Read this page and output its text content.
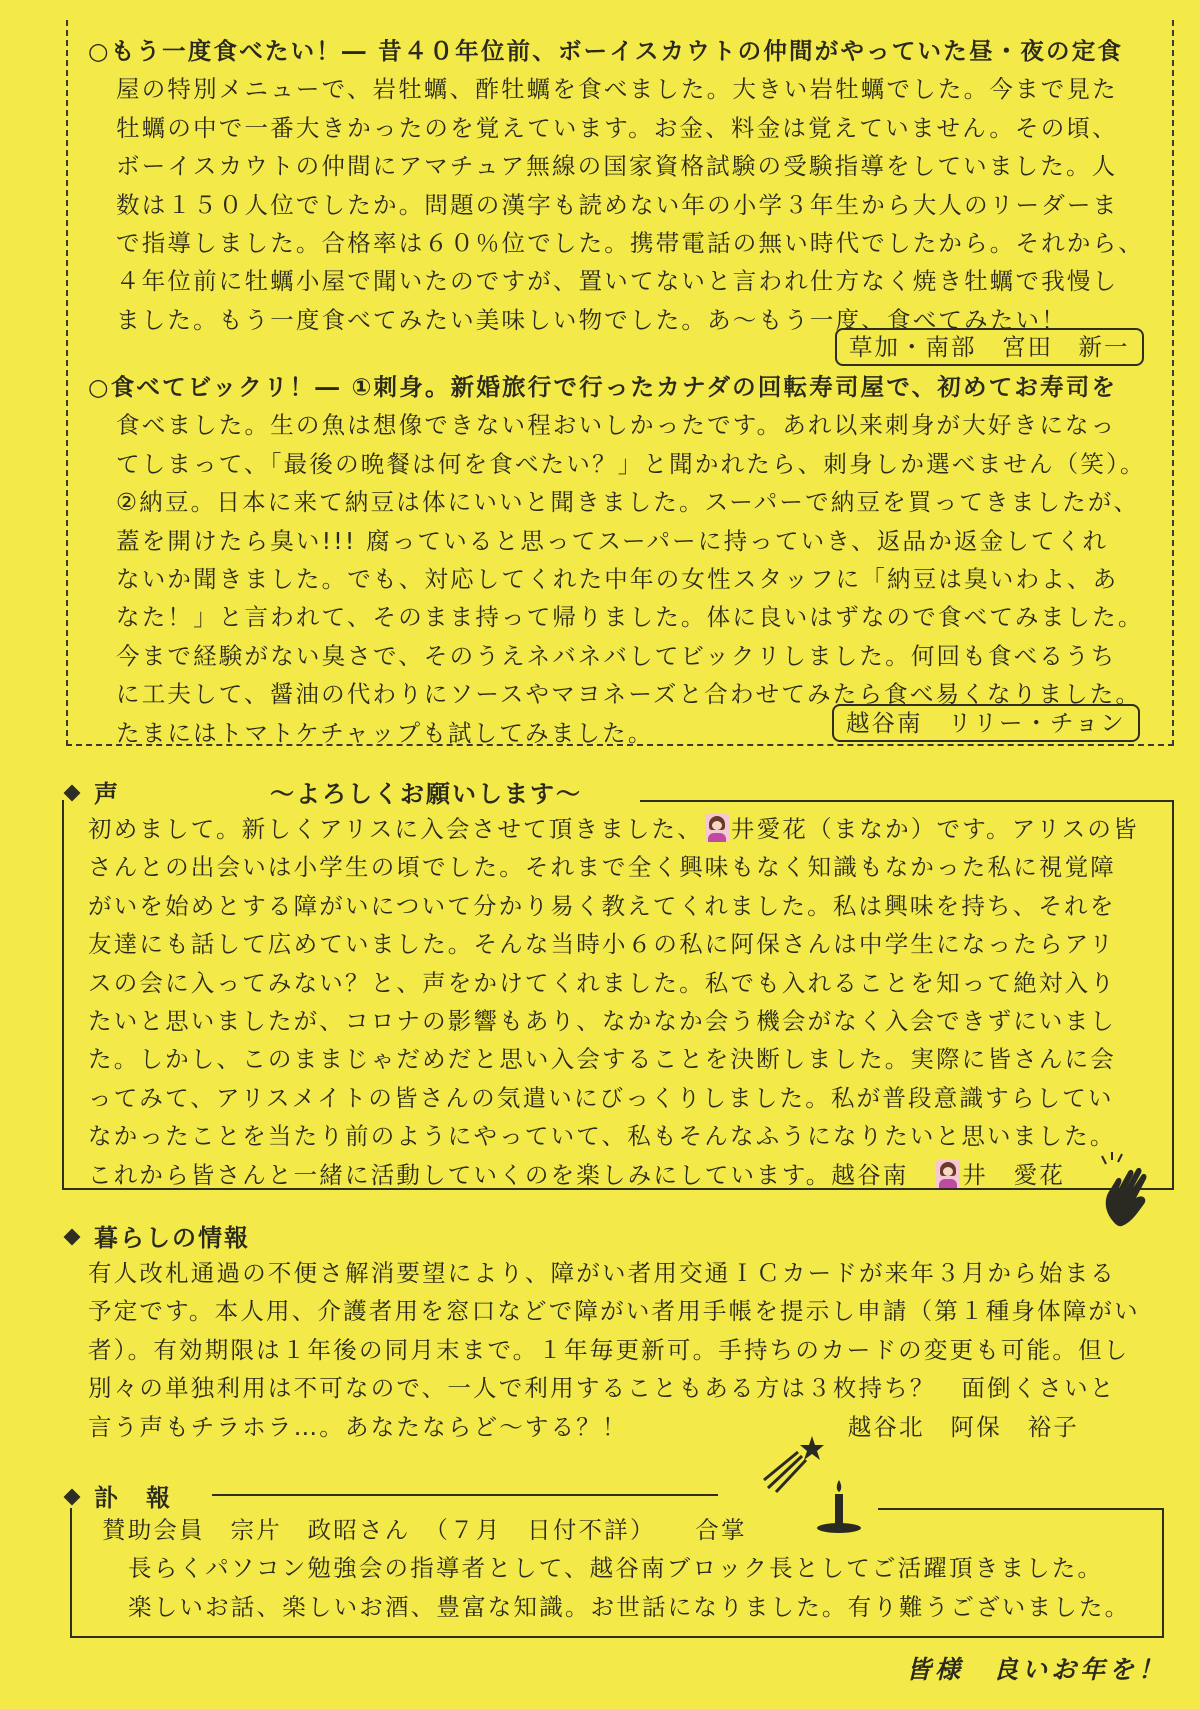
○もう一度食べたい！― 昔４０年位前、ボーイスカウトの仲間がやっていた昼・夜の定食

屋の特別メニューで、岩牡蠣、酢牡蠣を食べました。大きい岩牡蠣でした。今まで見た

牡蠣の中で一番大きかったのを覚えています。お金、料金は覚えていません。その頃、

ボーイスカウトの仲間にアマチュア無線の国家資格試験の受験指導をしていました。人

数は１５０人位でしたか。問題の漢字も読めない年の小学３年生から大人のリーダーま

で指導しました。合格率は６０％位でした。携帯電話の無い時代でしたから。それから、

４年位前に牡蠣小屋で聞いたのですが、置いてないと言われ仕方なく焼き牡蠣で我慢し

ました。もう一度食べてみたい美味しい物でした。あ～もう一度、食べてみたい！

草加・南部　宮田　新一

○食べてビックリ！― ①刺身。新婚旅行で行ったカナダの回転寿司屋で、初めてお寿司を

食べました。生の魚は想像できない程おいしかったです。あれ以来刺身が大好きになっ

てしまって、「最後の晩餐は何を食べたい？」と聞かれたら、刺身しか選べません（笑）。

②納豆。日本に来て納豆は体にいいと聞きました。スーパーで納豆を買ってきましたが、

蓋を開けたら臭い!!! 腐っていると思ってスーパーに持っていき、返品か返金してくれ

ないか聞きました。でも、対応してくれた中年の女性スタッフに「納豆は臭いわよ、あ

なた！」と言われて、そのまま持って帰りました。体に良いはずなので食べてみました。

今まで経験がない臭さで、そのうえネバネバしてビックリしました。何回も食べるうち

に工夫して、醤油の代わりにソースやマヨネーズと合わせてみたら食べ易くなりました。

たまにはトマトケチャップも試してみました。	越谷南　リリー・チョン
声	～よろしくお願いします～

初めまして。新しくアリスに入会させて頂きました、 井愛花（まなか）です。アリスの皆

さんとの出会いは小学生の頃でした。それまで全く興味もなく知識もなかった私に視覚障

がいを始めとする障がいについて分かり易く教えてくれました。私は興味を持ち、それを

友達にも話して広めていました。そんな当時小６の私に阿保さんは中学生になったらアリ

スの会に入ってみない？と、声をかけてくれました。私でも入れることを知って絶対入り

たいと思いましたが、コロナの影響もあり、なかなか会う機会がなく入会できずにいまし

た。しかし、このままじゃだめだと思い入会することを決断しました。実際に皆さんに会

ってみて、アリスメイトの皆さんの気遣いにびっくりしました。私が普段意識すらしてい

なかったことを当たり前のようにやっていて、私もそんなふうになりたいと思いました。

これから皆さんと一緒に活動していくのを楽しみにしています。越谷南　
井　愛花

暮らしの情報

有人改札通過の不便さ解消要望により、障がい者用交通ＩＣカードが来年３月から始まる

予定です。本人用、介護者用を窓口などで障がい者用手帳を提示し申請（第１種身体障がい

者）。有効期限は１年後の同月末まで。１年毎更新可。手持ちのカードの変更も可能。但し

別々の単独利用は不可なので、一人で利用することもある方は３枚持ち？　面倒くさいと

言う声もチラホラ…。あなたならど～する？！	越谷北　阿保　裕子

訃　報

賛助会員　宗片　政昭さん　（７月　日付不詳）　　合掌

長らくパソコン勉強会の指導者として、越谷南ブロック長としてご活躍頂きました。

楽しいお話、楽しいお酒、豊富な知識。お世話になりました。有り難うございました。

皆様　良いお年を！
